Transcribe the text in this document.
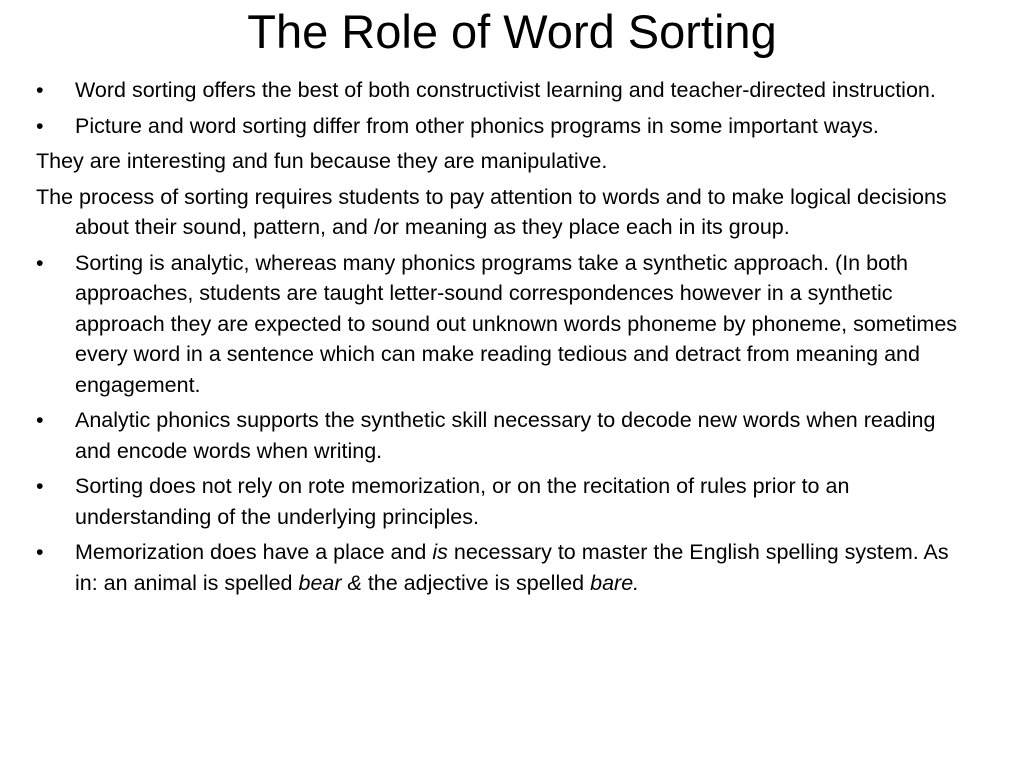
The Role of Word Sorting

•	Word sorting offers the best of both constructivist learning and teacher-directed instruction.

•	Picture and word sorting differ from other phonics programs in some important ways.

They are interesting and fun because they are manipulative.

The process of sorting requires students to pay attention to words and to make logical decisions about their sound, pattern, and /or meaning as they place each in its group.

•	Sorting is analytic, whereas many phonics programs take a synthetic approach. (In both approaches, students are taught letter-sound correspondences however in a synthetic approach they are expected to sound out unknown words phoneme by phoneme, sometimes every word in a sentence which can make reading tedious and detract from meaning and engagement.

•	Analytic phonics supports the synthetic skill necessary to decode new words when reading and encode words when writing.

•	Sorting does not rely on rote memorization, or on the recitation of rules prior to an understanding of the underlying principles.

•	Memorization does have a place and is necessary to master the English spelling system. As in: an animal is spelled bear & the adjective is spelled bare.
